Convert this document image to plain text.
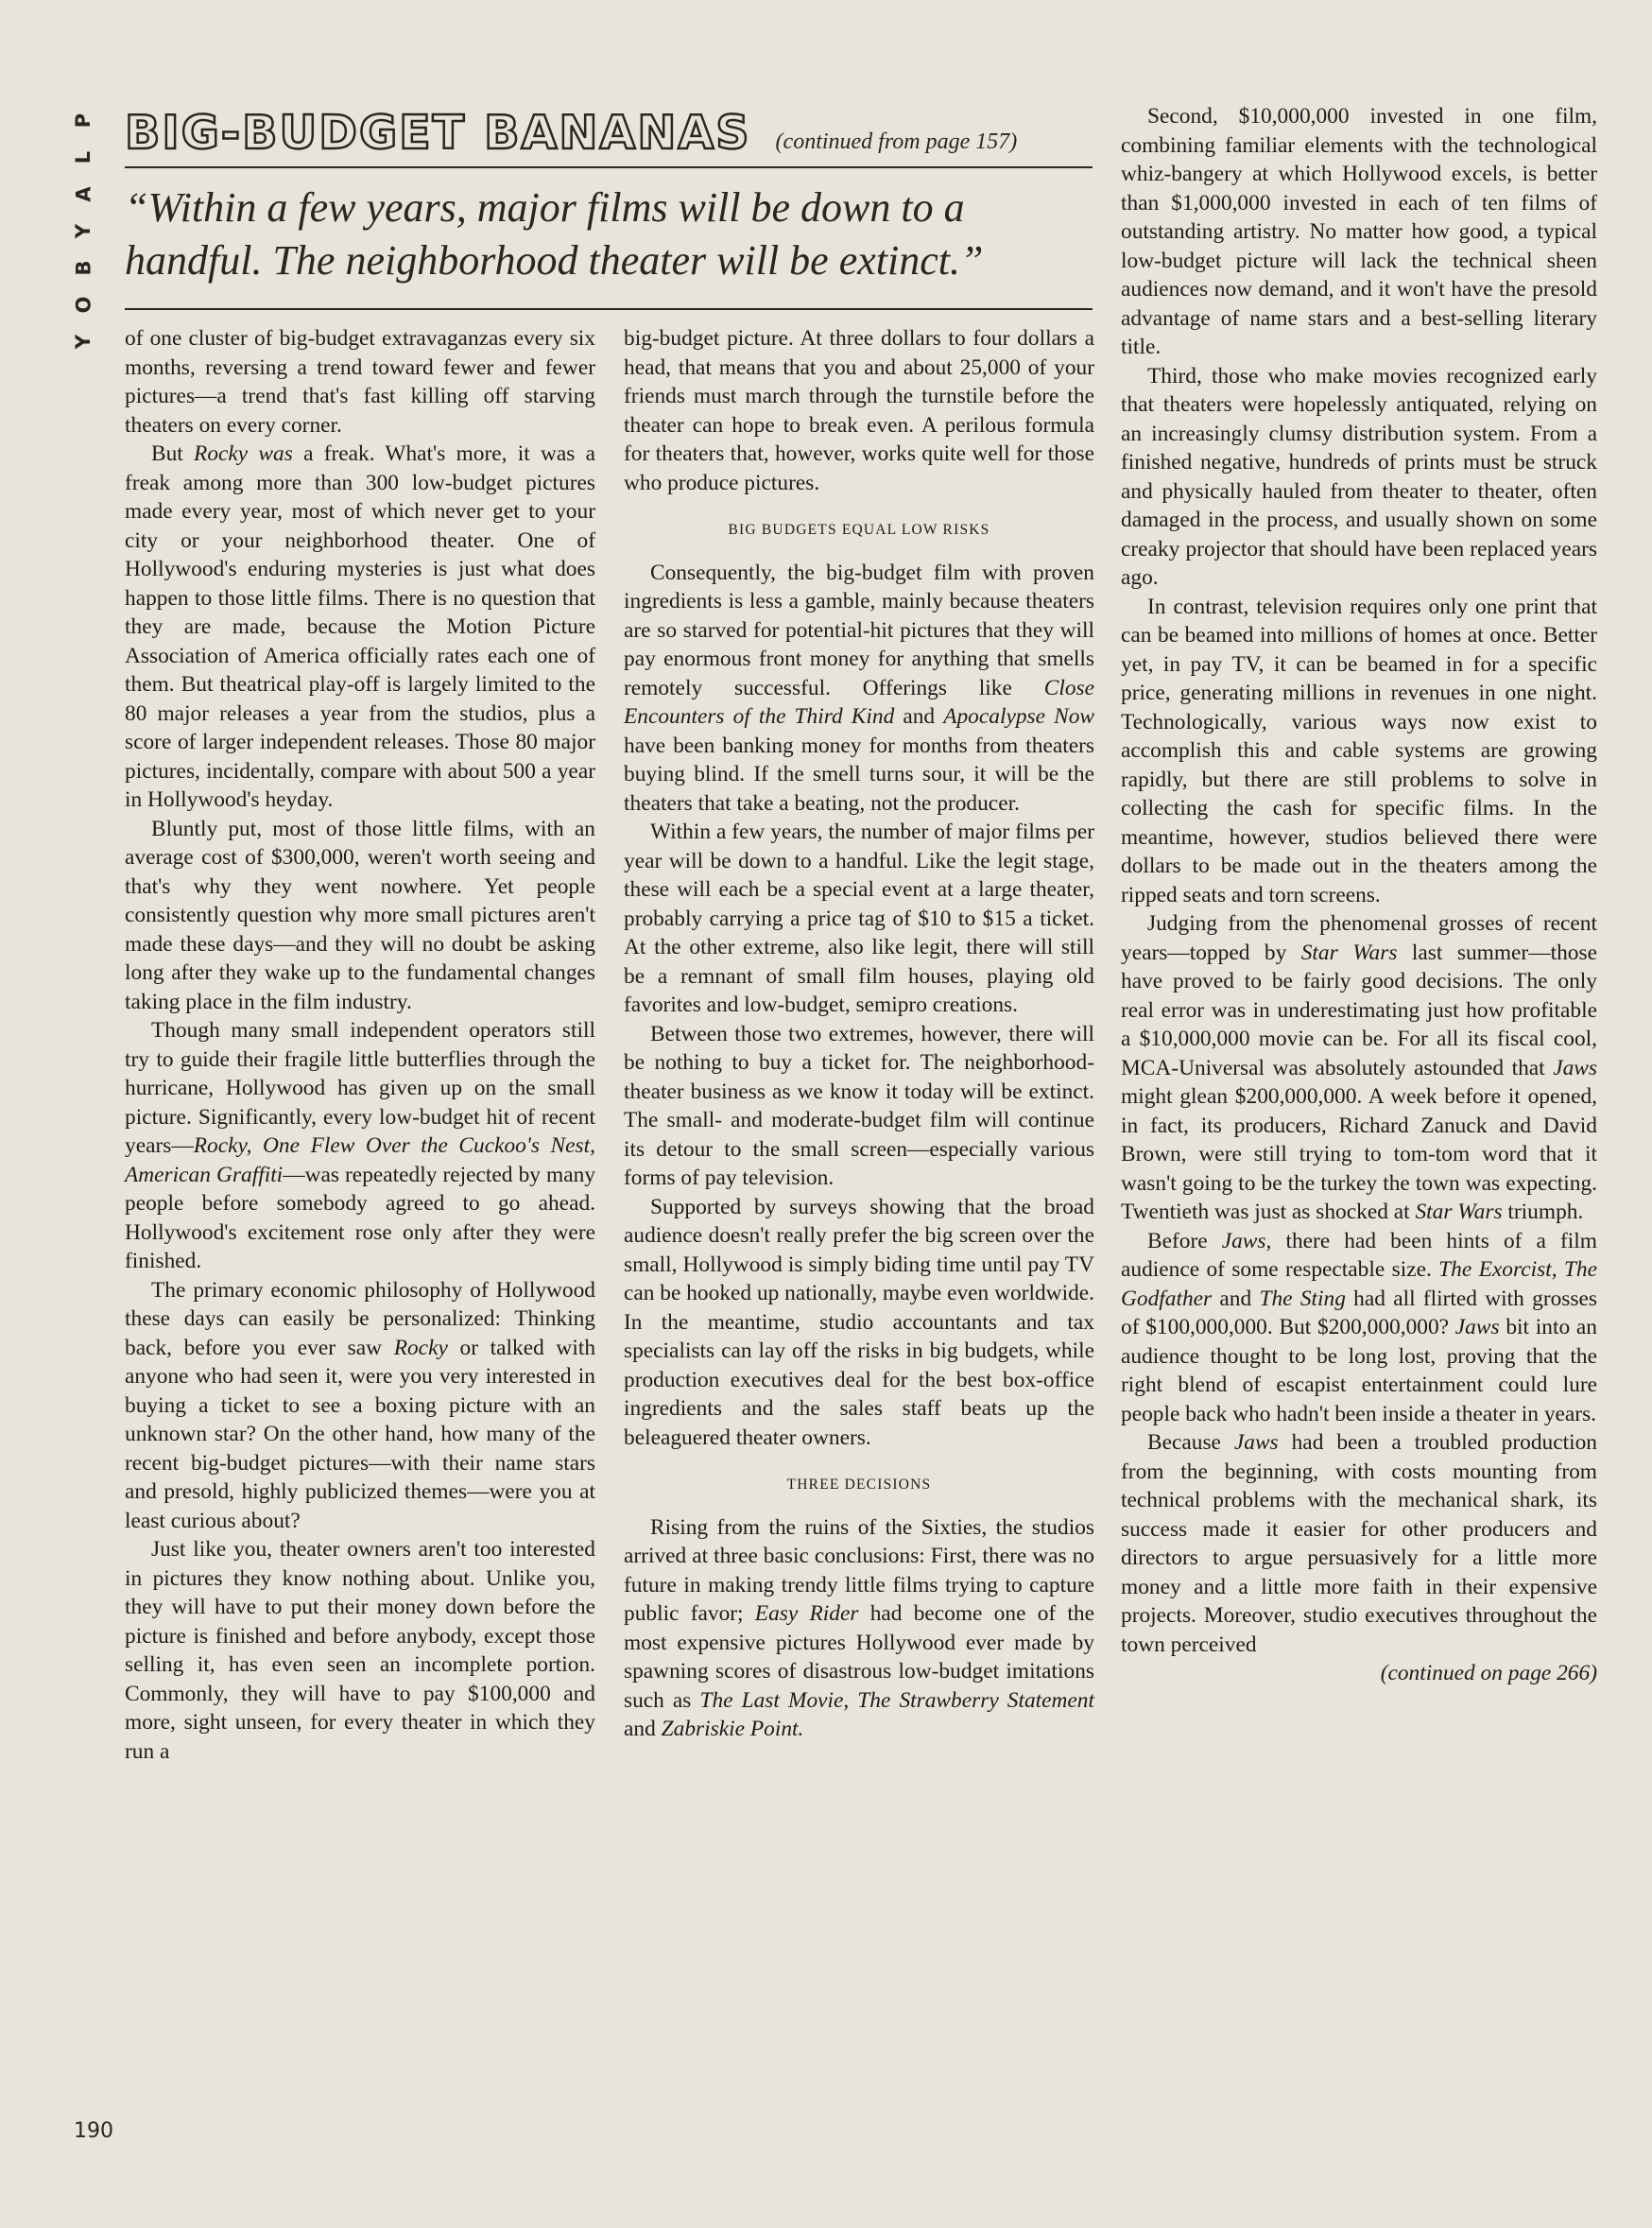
P
L
A
Y
B
O
Y
BIG-BUDGET BANANAS (continued from page 157)
“Within a few years, major films will be down to a handful. The neighborhood theater will be extinct.”

of one cluster of big-budget extravaganzas every six months, reversing a trend toward fewer and fewer pictures—a trend that's fast killing off starving theaters on every corner.

But Rocky was a freak. What's more, it was a freak among more than 300 low-budget pictures made every year, most of which never get to your city or your neighborhood theater. One of Hollywood's enduring mysteries is just what does happen to those little films. There is no question that they are made, because the Motion Picture Association of America officially rates each one of them. But theatrical play-off is largely limited to the 80 major releases a year from the studios, plus a score of larger independent releases. Those 80 major pictures, incidentally, compare with about 500 a year in Hollywood's heyday.

Bluntly put, most of those little films, with an average cost of $300,000, weren't worth seeing and that's why they went nowhere. Yet people consistently question why more small pictures aren't made these days—and they will no doubt be asking long after they wake up to the fundamental changes taking place in the film industry.

Though many small independent operators still try to guide their fragile little butterflies through the hurricane, Hollywood has given up on the small picture. Significantly, every low-budget hit of recent years—Rocky, One Flew Over the Cuckoo's Nest, American Graffiti—was repeatedly rejected by many people before somebody agreed to go ahead. Hollywood's excitement rose only after they were finished.

The primary economic philosophy of Hollywood these days can easily be personalized: Thinking back, before you ever saw Rocky or talked with anyone who had seen it, were you very interested in buying a ticket to see a boxing picture with an unknown star? On the other hand, how many of the recent big-budget pictures—with their name stars and presold, highly publicized themes—were you at least curious about?

Just like you, theater owners aren't too interested in pictures they know nothing about. Unlike you, they will have to put their money down before the picture is finished and before anybody, except those selling it, has even seen an incomplete portion. Commonly, they will have to pay $100,000 and more, sight unseen, for every theater in which they run a

big-budget picture. At three dollars to four dollars a head, that means that you and about 25,000 of your friends must march through the turnstile before the theater can hope to break even. A perilous formula for theaters that, however, works quite well for those who produce pictures.

BIG BUDGETS EQUAL LOW RISKS

Consequently, the big-budget film with proven ingredients is less a gamble, mainly because theaters are so starved for potential-hit pictures that they will pay enormous front money for anything that smells remotely successful. Offerings like Close Encounters of the Third Kind and Apocalypse Now have been banking money for months from theaters buying blind. If the smell turns sour, it will be the theaters that take a beating, not the producer.

Within a few years, the number of major films per year will be down to a handful. Like the legit stage, these will each be a special event at a large theater, probably carrying a price tag of $10 to $15 a ticket. At the other extreme, also like legit, there will still be a remnant of small film houses, playing old favorites and low-budget, semipro creations.

Between those two extremes, however, there will be nothing to buy a ticket for. The neighborhood-theater business as we know it today will be extinct. The small- and moderate-budget film will continue its detour to the small screen—especially various forms of pay television.

Supported by surveys showing that the broad audience doesn't really prefer the big screen over the small, Hollywood is simply biding time until pay TV can be hooked up nationally, maybe even worldwide. In the meantime, studio accountants and tax specialists can lay off the risks in big budgets, while production executives deal for the best box-office ingredients and the sales staff beats up the beleaguered theater owners.

THREE DECISIONS

Rising from the ruins of the Sixties, the studios arrived at three basic conclusions: First, there was no future in making trendy little films trying to capture public favor; Easy Rider had become one of the most expensive pictures Hollywood ever made by spawning scores of disastrous low-budget imitations such as The Last Movie, The Strawberry Statement and Zabriskie Point.

Second, $10,000,000 invested in one film, combining familiar elements with the technological whiz-bangery at which Hollywood excels, is better than $1,000,000 invested in each of ten films of outstanding artistry. No matter how good, a typical low-budget picture will lack the technical sheen audiences now demand, and it won't have the presold advantage of name stars and a best-selling literary title.

Third, those who make movies recognized early that theaters were hopelessly antiquated, relying on an increasingly clumsy distribution system. From a finished negative, hundreds of prints must be struck and physically hauled from theater to theater, often damaged in the process, and usually shown on some creaky projector that should have been replaced years ago.

In contrast, television requires only one print that can be beamed into millions of homes at once. Better yet, in pay TV, it can be beamed in for a specific price, generating millions in revenues in one night. Technologically, various ways now exist to accomplish this and cable systems are growing rapidly, but there are still problems to solve in collecting the cash for specific films. In the meantime, however, studios believed there were dollars to be made out in the theaters among the ripped seats and torn screens.

Judging from the phenomenal grosses of recent years—topped by Star Wars last summer—those have proved to be fairly good decisions. The only real error was in underestimating just how profitable a $10,000,000 movie can be. For all its fiscal cool, MCA-Universal was absolutely astounded that Jaws might glean $200,000,000. A week before it opened, in fact, its producers, Richard Zanuck and David Brown, were still trying to tom-tom word that it wasn't going to be the turkey the town was expecting. Twentieth was just as shocked at Star Wars triumph.

Before Jaws, there had been hints of a film audience of some respectable size. The Exorcist, The Godfather and The Sting had all flirted with grosses of $100,000,000. But $200,000,000? Jaws bit into an audience thought to be long lost, proving that the right blend of escapist entertainment could lure people back who hadn't been inside a theater in years.

Because Jaws had been a troubled production from the beginning, with costs mounting from technical problems with the mechanical shark, its success made it easier for other producers and directors to argue persuasively for a little more money and a little more faith in their expensive projects. Moreover, studio executives throughout the town perceived

(continued on page 266)

190
